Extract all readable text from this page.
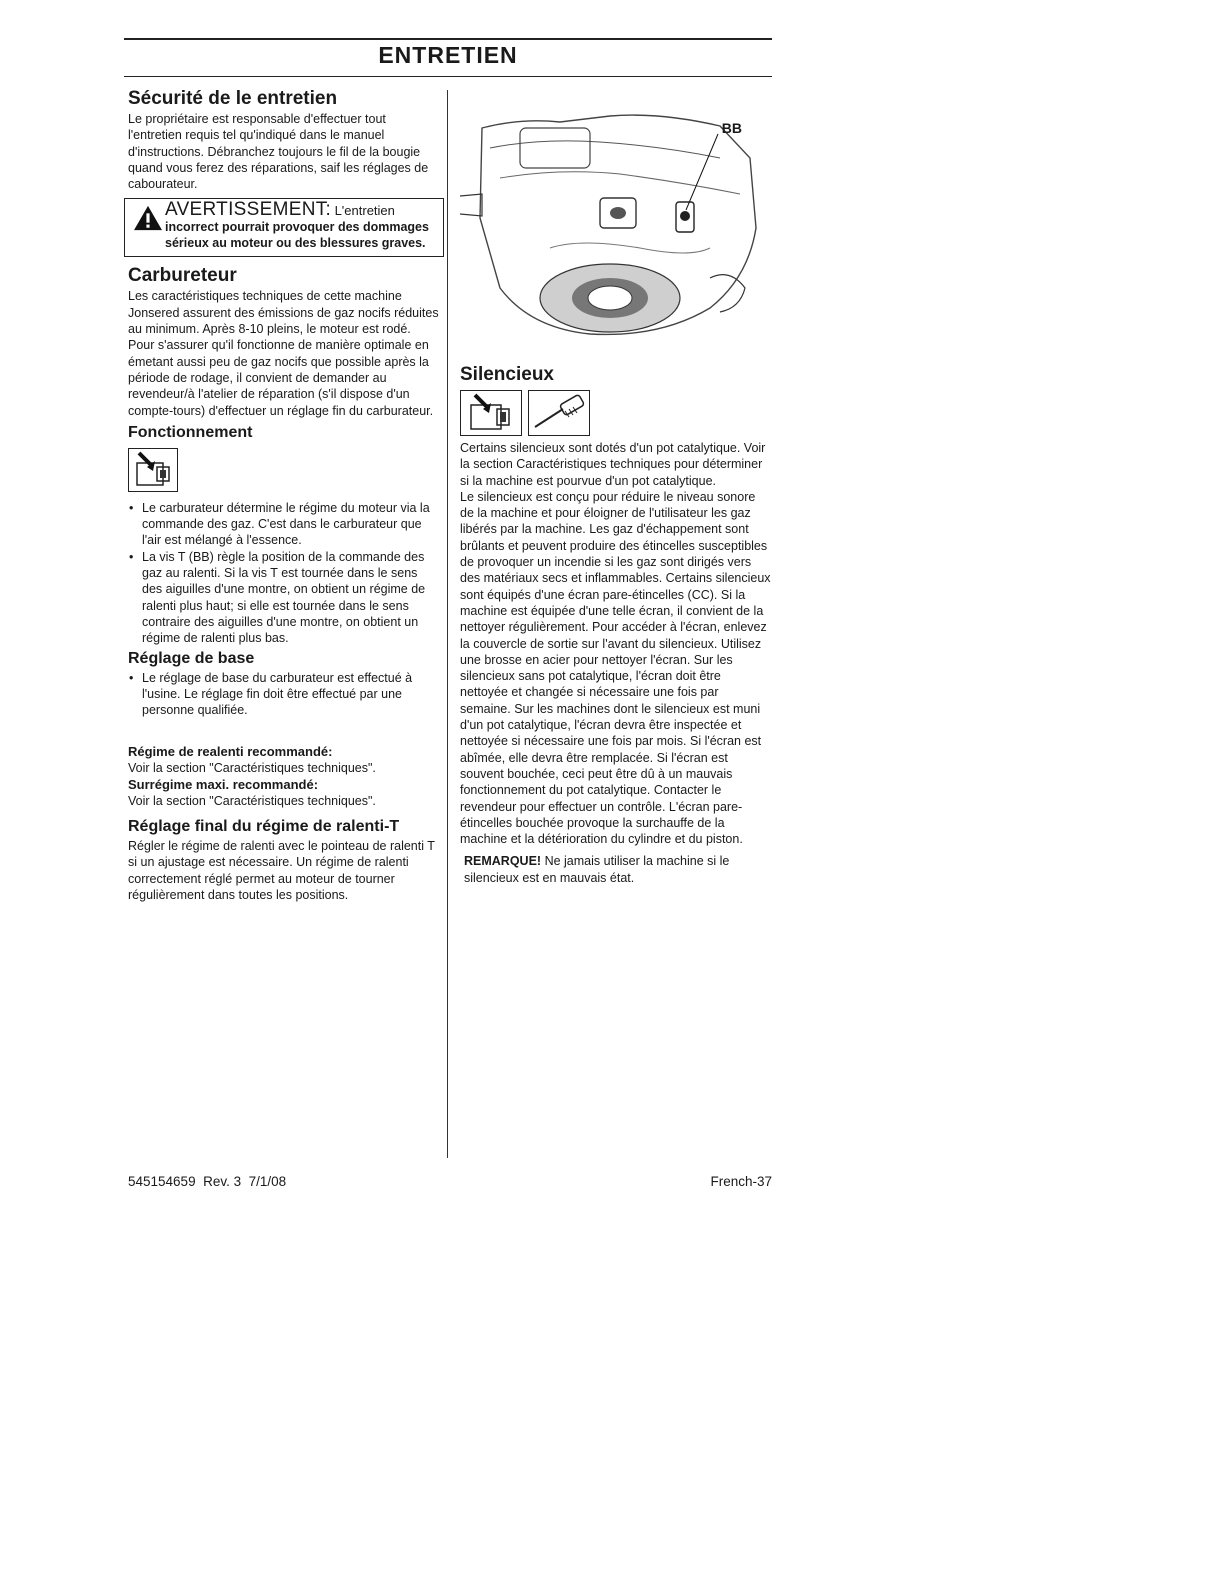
ENTRETIEN
Sécurité de le entretien

Le propriétaire est responsable d'effectuer tout l'entretien requis tel qu'indiqué dans le manuel d'instructions. Débranchez toujours le fil de la bougie quand vous ferez des réparations, saif les réglages de cabourateur.

AVERTISSEMENT: L'entretien incorrect pourrait provoquer des dommages sérieux au moteur ou des blessures graves.
Carbureteur

Les caractéristiques techniques de cette machine Jonsered assurent des émissions de gaz nocifs réduites au minimum. Après 8-10 pleins, le moteur est rodé. Pour s'assurer qu'il fonctionne de manière optimale en émetant aussi peu de gaz nocifs que possible après la période de rodage, il convient de demander au revendeur/à l'atelier de réparation (s'il dispose d'un compte-tours) d'effectuer un réglage fin du carburateur.

Fonctionnement
• Le carburateur détermine le régime du moteur via la commande des gaz. C'est dans le carburateur que l'air est mélangé à l'essence.
• La vis T (BB) règle la position de la commande des gaz au ralenti. Si la vis T est tournée dans le sens des aiguilles d'une montre, on obtient un régime de ralenti plus haut; si elle est tournée dans le sens contraire des aiguilles d'une montre, on obtient un régime de ralenti plus bas.
Réglage de base
• Le réglage de base du carburateur est effectué à l'usine. Le réglage fin doit être effectué par une personne qualifiée.
Régime de realenti recommandé:

Voir la section "Caractéristiques techniques".

Surrégime maxi. recommandé:

Voir la section "Caractéristiques techniques".

Réglage final du régime de ralenti-T

Régler le régime de ralenti avec le pointeau de ralenti T si un ajustage est nécessaire. Un régime de ralenti correctement réglé permet au moteur de tourner régulièrement dans toutes les positions.

BB
Silencieux

Certains silencieux sont dotés d'un pot catalytique. Voir la section Caractéristiques techniques pour déterminer si la machine est pourvue d'un pot catalytique.

Le silencieux est conçu pour réduire le niveau sonore de la machine et pour éloigner de l'utilisateur les gaz libérés par la machine. Les gaz d'échappement sont brûlants et peuvent produire des étincelles susceptibles de provoquer un incendie si les gaz sont dirigés vers des matériaux secs et inflammables. Certains silencieux sont équipés d'une écran pare-étincelles (CC). Si la machine est équipée d'une telle écran, il convient de la nettoyer régulièrement. Pour accéder à l'écran, enlevez la couvercle de sortie sur l'avant du silencieux. Utilisez une brosse en acier pour nettoyer l'écran. Sur les silencieux sans pot catalytique, l'écran doit être nettoyée et changée si nécessaire une fois par semaine. Sur les machines dont le silencieux est muni d'un pot catalytique, l'écran devra être inspectée et nettoyée si nécessaire une fois par mois. Si l'écran est abîmée, elle devra être remplacée. Si l'écran est souvent bouchée, ceci peut être dû à un mauvais fonctionnement du pot catalytique. Contacter le revendeur pour effectuer un contrôle. L'écran pare-étincelles bouchée provoque la surchauffe de la machine et la détérioration du cylindre et du piston.

REMARQUE! Ne jamais utiliser la machine si le silencieux est en mauvais état.

545154659  Rev. 3  7/1/08	French-37
